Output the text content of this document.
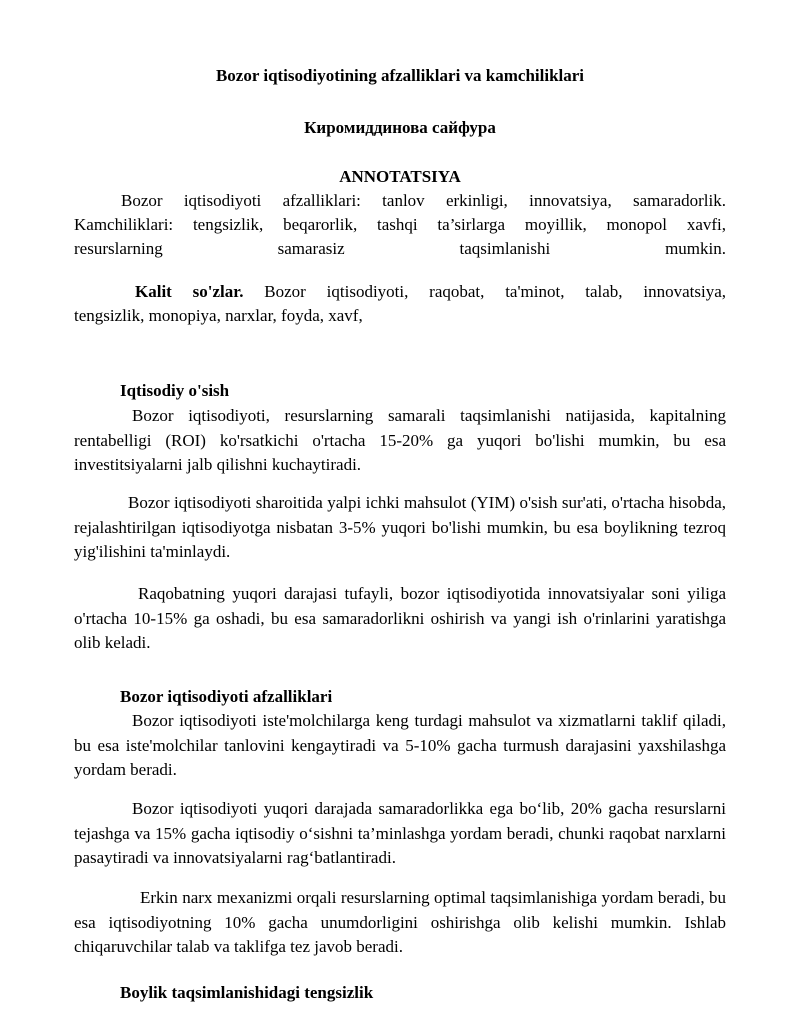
Bozor iqtisodiyotining afzalliklari va kamchiliklari

Киромиддинова сайфура

ANNOTATSIYA

Bozor iqtisodiyoti afzalliklari: tanlov erkinligi, innovatsiya, samaradorlik.

Kamchiliklari: tengsizlik, beqarorlik, tashqi ta’sirlarga moyillik, monopol xavfi,

resurslarning samarasiz taqsimlanishi mumkin.

Kalit so'zlar. Bozor iqtisodiyoti, raqobat, ta'minot, talab, innovatsiya,

tengsizlik, monopiya, narxlar, foyda, xavf,

Iqtisodiy o'sish

Bozor iqtisodiyoti, resurslarning samarali taqsimlanishi natijasida, kapitalning rentabelligi (ROI) ko'rsatkichi o'rtacha 15-20% ga yuqori bo'lishi mumkin, bu esa investitsiyalarni jalb qilishni kuchaytiradi.

Bozor iqtisodiyoti sharoitida yalpi ichki mahsulot (YIM) o'sish sur'ati, o'rtacha hisobda, rejalashtirilgan iqtisodiyotga nisbatan 3-5% yuqori bo'lishi mumkin, bu esa boylikning tezroq yig'ilishini ta'minlaydi.

Raqobatning yuqori darajasi tufayli, bozor iqtisodiyotida innovatsiyalar soni yiliga o'rtacha 10-15% ga oshadi, bu esa samaradorlikni oshirish va yangi ish o'rinlarini yaratishga olib keladi.

Bozor iqtisodiyoti afzalliklari

Bozor iqtisodiyoti iste'molchilarga keng turdagi mahsulot va xizmatlarni taklif qiladi, bu esa iste'molchilar tanlovini kengaytiradi va 5-10% gacha turmush darajasini yaxshilashga yordam beradi.

Bozor iqtisodiyoti yuqori darajada samaradorlikka ega bo‘lib, 20% gacha resurslarni tejashga va 15% gacha iqtisodiy o‘sishni ta’minlashga yordam beradi, chunki raqobat narxlarni pasaytiradi va innovatsiyalarni rag‘batlantiradi.

Erkin narx mexanizmi orqali resurslarning optimal taqsimlanishiga yordam beradi, bu esa iqtisodiyotning 10% gacha unumdorligini oshirishga olib kelishi mumkin. Ishlab chiqaruvchilar talab va taklifga tez javob beradi.

Boylik taqsimlanishidagi tengsizlik
